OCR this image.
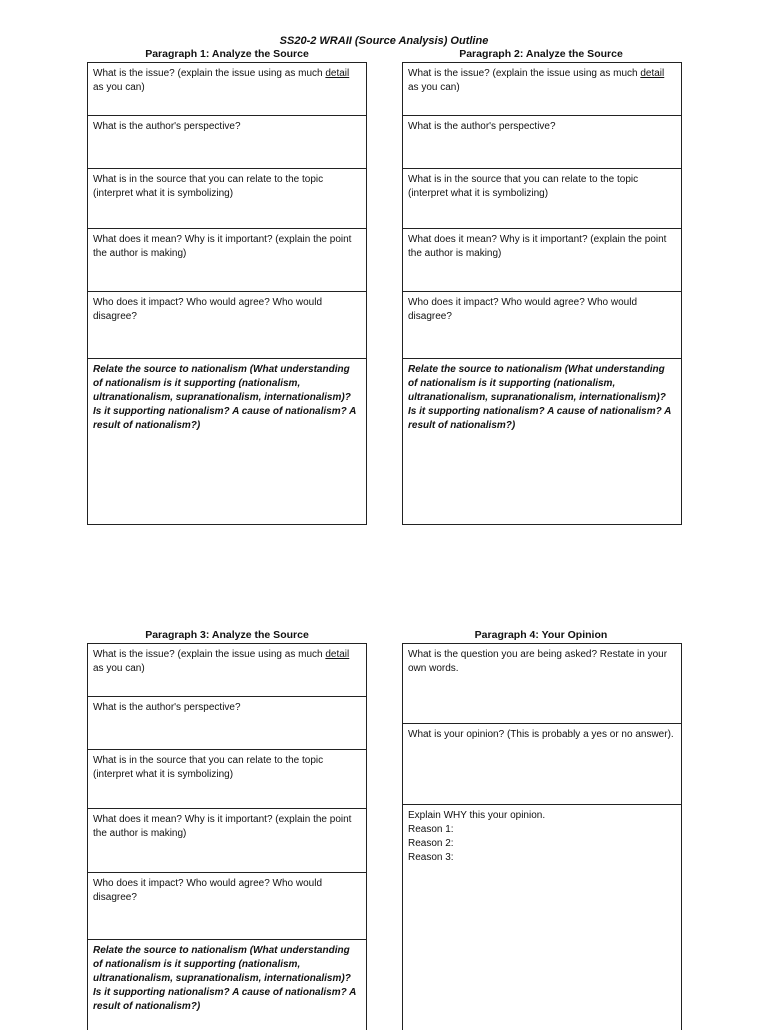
SS20-2 WRAII (Source Analysis) Outline
Paragraph 1: Analyze the Source
What is the issue? (explain the issue using as much detail as you can)
What is the author's perspective?
What is in the source that you can relate to the topic (interpret what it is symbolizing)
What does it mean? Why is it important? (explain the point the author is making)
Who does it impact? Who would agree? Who would disagree?
Relate the source to nationalism (What understanding of nationalism is it supporting (nationalism, ultranationalism, supranationalism, internationalism)? Is it supporting nationalism? A cause of nationalism? A result of nationalism?)
Paragraph 2: Analyze the Source
What is the issue? (explain the issue using as much detail as you can)
What is the author's perspective?
What is in the source that you can relate to the topic (interpret what it is symbolizing)
What does it mean? Why is it important? (explain the point the author is making)
Who does it impact? Who would agree? Who would disagree?
Relate the source to nationalism (What understanding of nationalism is it supporting (nationalism, ultranationalism, supranationalism, internationalism)? Is it supporting nationalism? A cause of nationalism? A result of nationalism?)
Paragraph 3: Analyze the Source
What is the issue? (explain the issue using as much detail as you can)
What is the author's perspective?
What is in the source that you can relate to the topic (interpret what it is symbolizing)
What does it mean? Why is it important? (explain the point the author is making)
Who does it impact? Who would agree? Who would disagree?
Relate the source to nationalism (What understanding of nationalism is it supporting (nationalism, ultranationalism, supranationalism, internationalism)? Is it supporting nationalism? A cause of nationalism? A result of nationalism?)
Paragraph 4: Your Opinion
What is the question you are being asked? Restate in your own words.
What is your opinion? (This is probably a yes or no answer).

Explain WHY this your opinion.

Reason 1:

Reason 2:

Reason 3:
